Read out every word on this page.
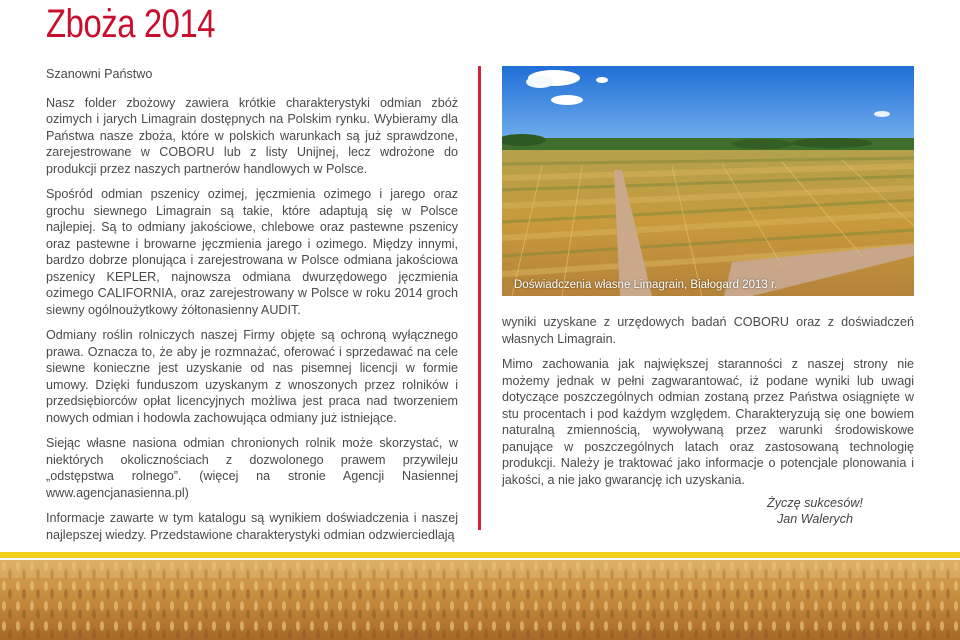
Zboża 2014

Szanowni Państwo

Nasz folder zbożowy zawiera krótkie charakterystyki odmian zbóż ozimych i jarych Limagrain dostępnych na Polskim rynku. Wybieramy dla Państwa nasze zboża, które w polskich warunkach są już sprawdzone, zarejestrowane w COBORU lub z listy Unijnej, lecz wdrożone do produkcji przez naszych partnerów handlowych w Polsce.

Spośród odmian pszenicy ozimej, jęczmienia ozimego i jarego oraz grochu siewnego Limagrain są takie, które adaptują się w Polsce najlepiej. Są to odmiany jakościowe, chlebowe oraz pastewne pszenicy oraz pastewne i browarne jęczmienia jarego i ozimego. Między innymi, bardzo dobrze plonująca i zarejestrowana w Polsce odmiana jakościowa pszenicy KEPLER, najnowsza odmiana dwurzędowego jęczmienia ozimego CALIFORNIA, oraz zarejestrowany w Polsce w roku 2014 groch siewny ogólnoużytkowy żółtonasienny AUDIT.

Odmiany roślin rolniczych naszej Firmy objęte są ochroną wyłącznego prawa. Oznacza to, że aby je rozmnażać, oferować i sprzedawać na cele siewne konieczne jest uzyskanie od nas pisemnej licencji w formie umowy. Dzięki funduszom uzyskanym z wnoszonych przez rolników i przedsiębiorców opłat licencyjnych możliwa jest praca nad tworzeniem nowych odmian i hodowla zachowująca odmiany już istniejące.

Siejąc własne nasiona odmian chronionych rolnik może skorzystać, w niektórych okolicznościach z dozwolonego prawem przywileju „odstępstwa rolnego”. (więcej na stronie Agencji Nasiennej www.agencjanasienna.pl)

Informacje zawarte w tym katalogu są wynikiem doświadczenia i naszej najlepszej wiedzy. Przedstawione charakterystyki odmian odzwierciedlają

Doświadczenia własne Limagrain, Białogard 2013 r.

wyniki uzyskane z urzędowych badań COBORU oraz z doświadczeń własnych Limagrain.

Mimo zachowania jak największej staranności z naszej strony nie możemy jednak w pełni zagwarantować, iż podane wyniki lub uwagi dotyczące poszczególnych odmian zostaną przez Państwa osiągnięte w stu procentach i pod każdym względem. Charakteryzują się one bowiem naturalną zmiennością, wywoływaną przez warunki środowiskowe panujące w poszczególnych latach oraz zastosowaną technologię produkcji. Należy je traktować jako informacje o potencjale plonowania i jakości, a nie jako gwarancję ich uzyskania.

Życzę sukcesów!
Jan Walerych
